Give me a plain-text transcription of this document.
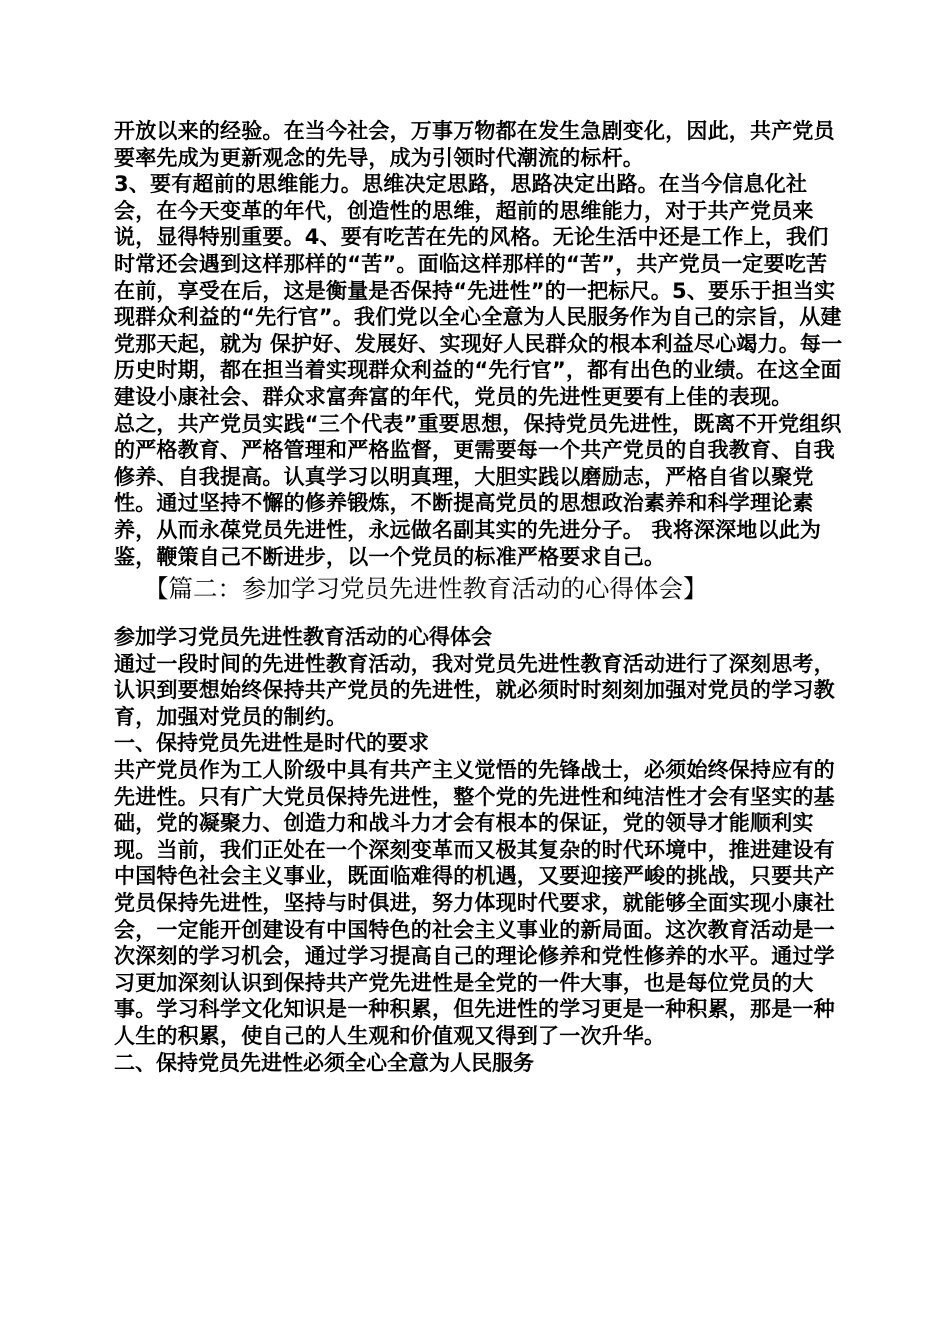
开放以来的经验。在当今社会，万事万物都在发生急剧变化，因此，共产党员要率先成为更新观念的先导，成为引领时代潮流的标杆。

3、要有超前的思维能力。思维决定思路，思路决定出路。在当今信息化社会，在今天变革的年代，创造性的思维，超前的思维能力，对于共产党员来说，显得特别重要。4、要有吃苦在先的风格。无论生活中还是工作上，我们时常还会遇到这样那样的“苦”。面临这样那样的“苦”，共产党员一定要吃苦在前，享受在后，这是衡量是否保持“先进性”的一把标尺。5、要乐于担当实现群众利益的“先行官”。我们党以全心全意为人民服务作为自己的宗旨，从建党那天起，就为 保护好、发展好、实现好人民群众的根本利益尽心竭力。每一历史时期，都在担当着实现群众利益的“先行官”，都有出色的业绩。在这全面建设小康社会、群众求富奔富的年代，党员的先进性更要有上佳的表现。

总之，共产党员实践“三个代表”重要思想，保持党员先进性，既离不开党组织的严格教育、严格管理和严格监督，更需要每一个共产党员的自我教育、自我修养、自我提高。认真学习以明真理，大胆实践以磨励志，严格自省以聚党性。通过坚持不懈的修养锻炼，不断提高党员的思想政治素养和科学理论素养，从而永葆党员先进性，永远做名副其实的先进分子。 我将深深地以此为鉴，鞭策自己不断进步，以一个党员的标准严格要求自己。

【篇二：参加学习党员先进性教育活动的心得体会】

参加学习党员先进性教育活动的心得体会

通过一段时间的先进性教育活动，我对党员先进性教育活动进行了深刻思考，认识到要想始终保持共产党员的先进性，就必须时时刻刻加强对党员的学习教育，加强对党员的制约。

一、保持党员先进性是时代的要求

共产党员作为工人阶级中具有共产主义觉悟的先锋战士，必须始终保持应有的先进性。只有广大党员保持先进性，整个党的先进性和纯洁性才会有坚实的基础，党的凝聚力、创造力和战斗力才会有根本的保证，党的领导才能顺利实现。当前，我们正处在一个深刻变革而又极其复杂的时代环境中，推进建设有中国特色社会主义事业，既面临难得的机遇，又要迎接严峻的挑战，只要共产党员保持先进性，坚持与时俱进，努力体现时代要求，就能够全面实现小康社会，一定能开创建设有中国特色的社会主义事业的新局面。这次教育活动是一次深刻的学习机会，通过学习提高自己的理论修养和党性修养的水平。通过学习更加深刻认识到保持共产党先进性是全党的一件大事，也是每位党员的大事。学习科学文化知识是一种积累，但先进性的学习更是一种积累，那是一种人生的积累，使自己的人生观和价值观又得到了一次升华。

二、保持党员先进性必须全心全意为人民服务
